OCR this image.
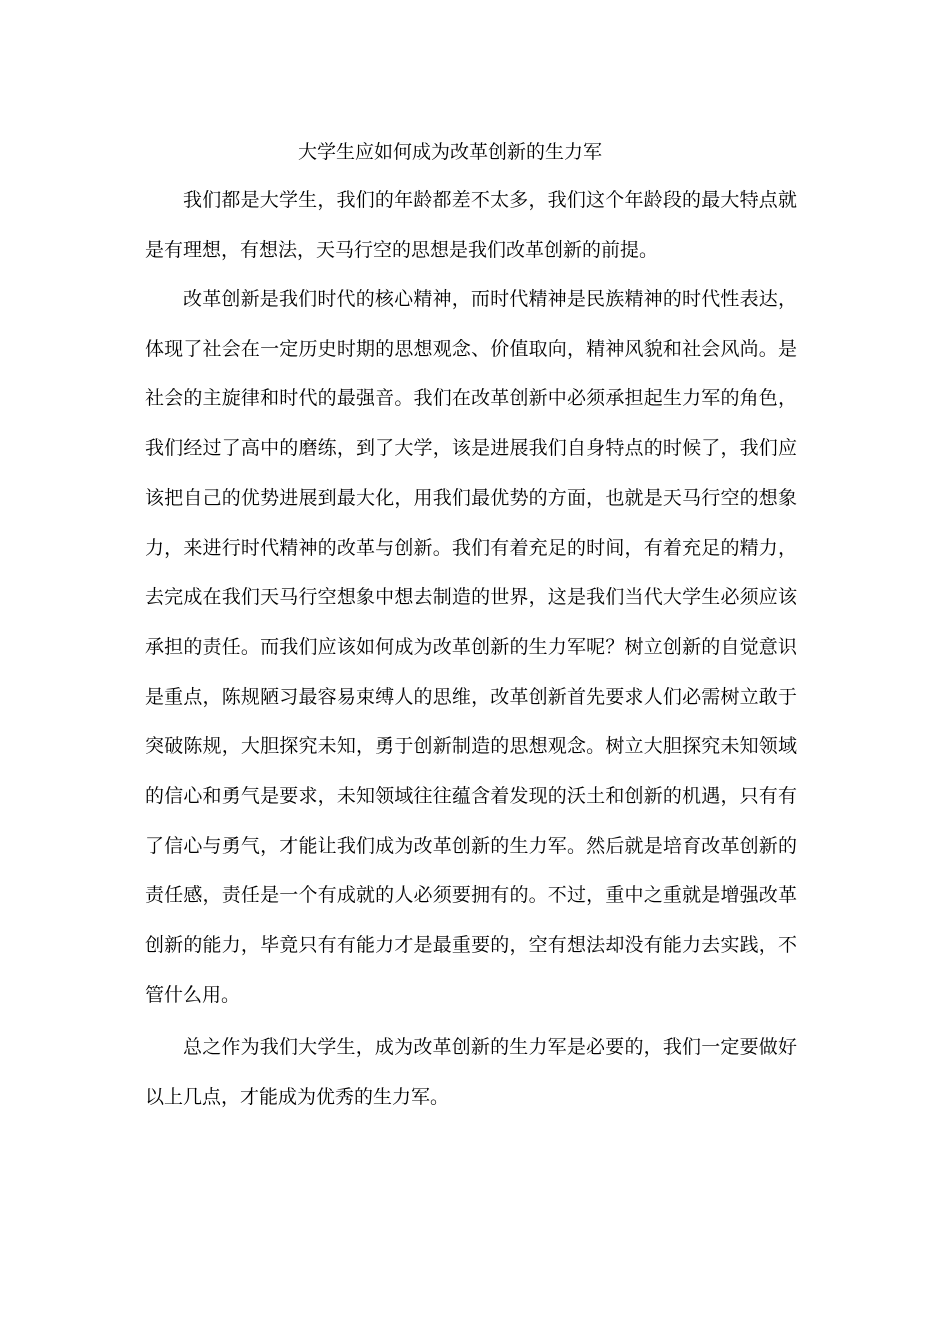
大学生应如何成为改革创新的生力军

我们都是大学生，我们的年龄都差不太多，我们这个年龄段的最大特点就是有理想，有想法，天马行空的思想是我们改革创新的前提。

改革创新是我们时代的核心精神，而时代精神是民族精神的时代性表达，体现了社会在一定历史时期的思想观念、价值取向，精神风貌和社会风尚。是社会的主旋律和时代的最强音。我们在改革创新中必须承担起生力军的角色，我们经过了高中的磨练，到了大学，该是进展我们自身特点的时候了，我们应该把自己的优势进展到最大化，用我们最优势的方面，也就是天马行空的想象力，来进行时代精神的改革与创新。我们有着充足的时间，有着充足的精力，去完成在我们天马行空想象中想去制造的世界，这是我们当代大学生必须应该承担的责任。而我们应该如何成为改革创新的生力军呢？树立创新的自觉意识是重点，陈规陋习最容易束缚人的思维，改革创新首先要求人们必需树立敢于突破陈规，大胆探究未知，勇于创新制造的思想观念。树立大胆探究未知领域的信心和勇气是要求，未知领域往往蕴含着发现的沃土和创新的机遇，只有有了信心与勇气，才能让我们成为改革创新的生力军。然后就是培育改革创新的责任感，责任是一个有成就的人必须要拥有的。不过，重中之重就是增强改革创新的能力，毕竟只有有能力才是最重要的，空有想法却没有能力去实践，不管什么用。

总之作为我们大学生，成为改革创新的生力军是必要的，我们一定要做好以上几点，才能成为优秀的生力军。
